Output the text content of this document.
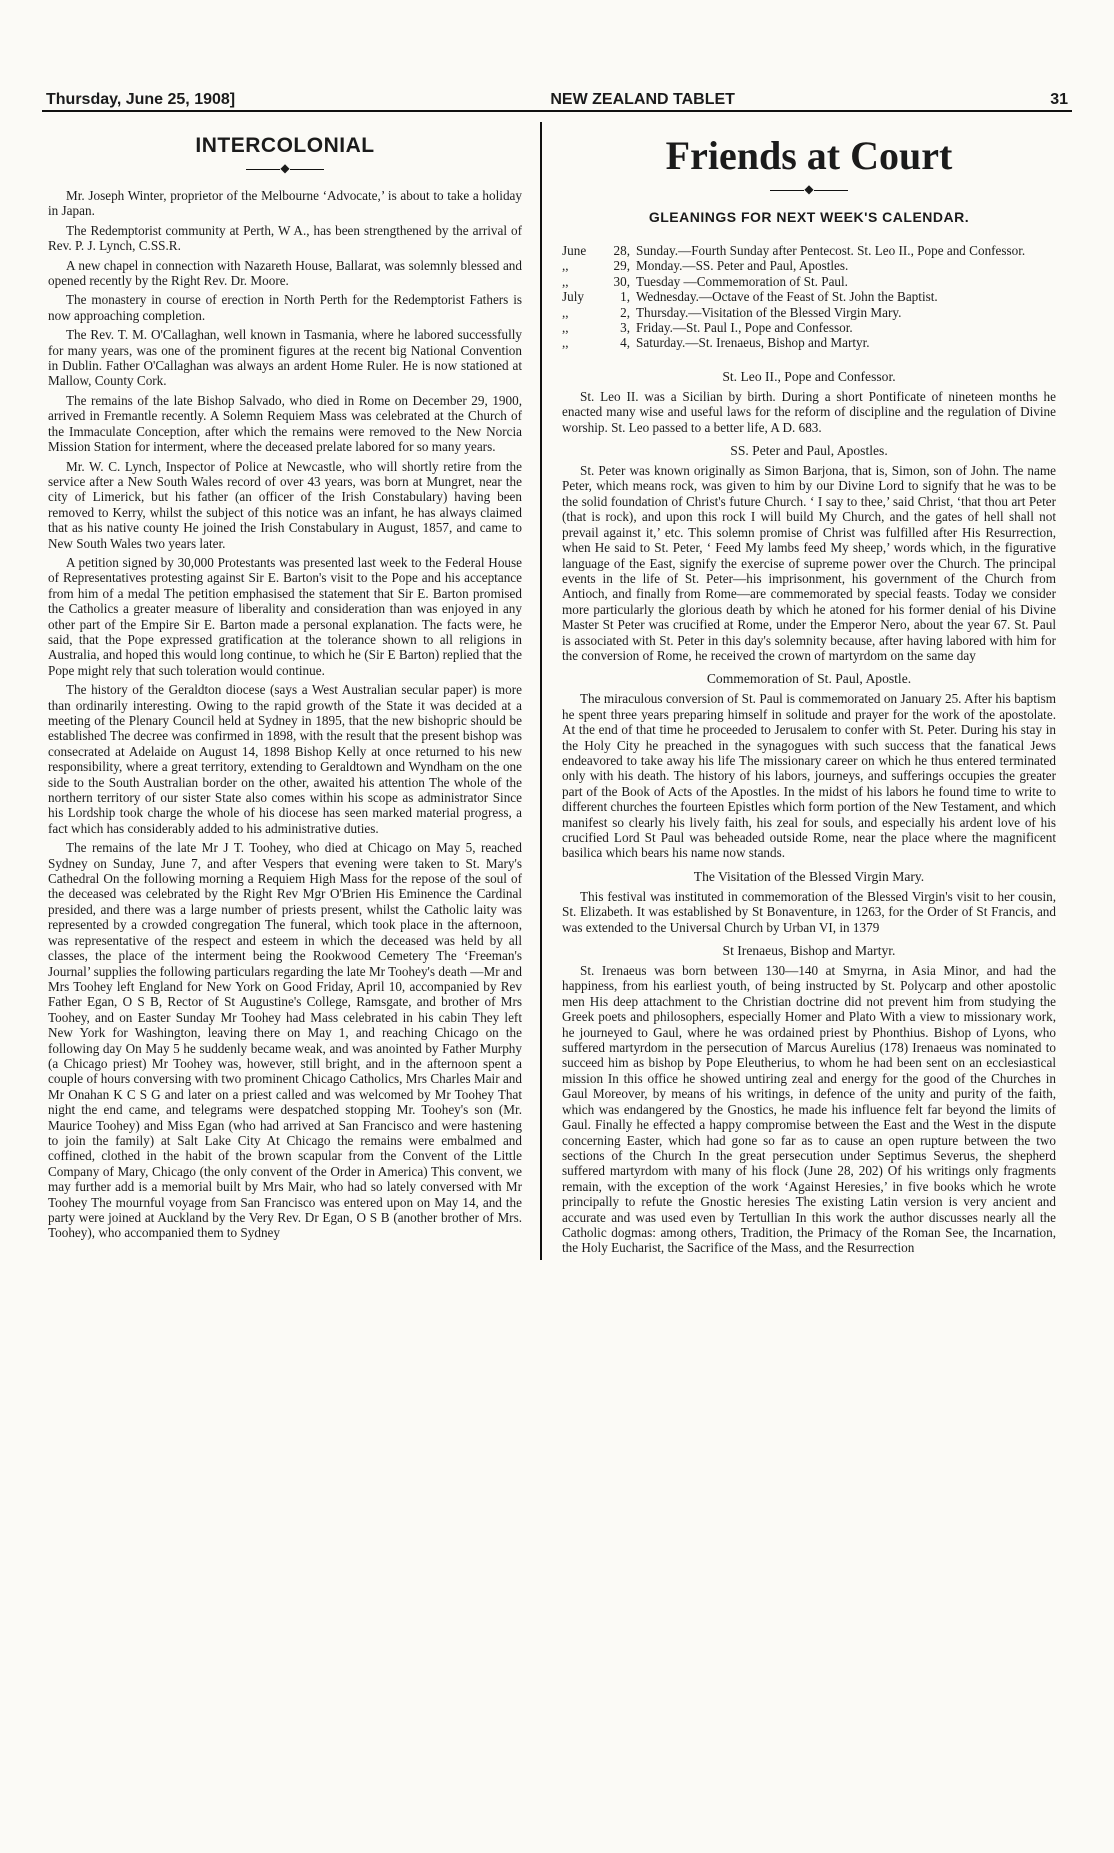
Thursday, June 25, 1908]	NEW ZEALAND TABLET	31
INTERCOLONIAL
◆

Mr. Joseph Winter, proprietor of the Melbourne ‘Advocate,’ is about to take a holiday in Japan.

The Redemptorist community at Perth, W A., has been strengthened by the arrival of Rev. P. J. Lynch, C.SS.R.

A new chapel in connection with Nazareth House, Ballarat, was solemnly blessed and opened recently by the Right Rev. Dr. Moore.

The monastery in course of erection in North Perth for the Redemptorist Fathers is now approaching completion.

The Rev. T. M. O'Callaghan, well known in Tasmania, where he labored successfully for many years, was one of the prominent figures at the recent big National Convention in Dublin. Father O'Callaghan was always an ardent Home Ruler. He is now stationed at Mallow, County Cork.

The remains of the late Bishop Salvado, who died in Rome on December 29, 1900, arrived in Fremantle recently. A Solemn Requiem Mass was celebrated at the Church of the Immaculate Conception, after which the remains were removed to the New Norcia Mission Station for interment, where the deceased prelate labored for so many years.

Mr. W. C. Lynch, Inspector of Police at Newcastle, who will shortly retire from the service after a New South Wales record of over 43 years, was born at Mungret, near the city of Limerick, but his father (an officer of the Irish Constabulary) having been removed to Kerry, whilst the subject of this notice was an infant, he has always claimed that as his native county He joined the Irish Constabulary in August, 1857, and came to New South Wales two years later.

A petition signed by 30,000 Protestants was presented last week to the Federal House of Representatives protesting against Sir E. Barton's visit to the Pope and his acceptance from him of a medal The petition emphasised the statement that Sir E. Barton promised the Catholics a greater measure of liberality and consideration than was enjoyed in any other part of the Empire Sir E. Barton made a personal explanation. The facts were, he said, that the Pope expressed gratification at the tolerance shown to all religions in Australia, and hoped this would long continue, to which he (Sir E Barton) replied that the Pope might rely that such toleration would continue.

The history of the Geraldton diocese (says a West Australian secular paper) is more than ordinarily interesting. Owing to the rapid growth of the State it was decided at a meeting of the Plenary Council held at Sydney in 1895, that the new bishopric should be established The decree was confirmed in 1898, with the result that the present bishop was consecrated at Adelaide on August 14, 1898 Bishop Kelly at once returned to his new responsibility, where a great territory, extending to Geraldtown and Wyndham on the one side to the South Australian border on the other, awaited his attention The whole of the northern territory of our sister State also comes within his scope as administrator Since his Lordship took charge the whole of his diocese has seen marked material progress, a fact which has considerably added to his administrative duties.

The remains of the late Mr J T. Toohey, who died at Chicago on May 5, reached Sydney on Sunday, June 7, and after Vespers that evening were taken to St. Mary's Cathedral On the following morning a Requiem High Mass for the repose of the soul of the deceased was celebrated by the Right Rev Mgr O'Brien His Eminence the Cardinal presided, and there was a large number of priests present, whilst the Catholic laity was represented by a crowded congregation The funeral, which took place in the afternoon, was representative of the respect and esteem in which the deceased was held by all classes, the place of the interment being the Rookwood Cemetery The ‘Freeman's Journal’ supplies the following particulars regarding the late Mr Toohey's death —Mr and Mrs Toohey left England for New York on Good Friday, April 10, accompanied by Rev Father Egan, O S B, Rector of St Augustine's College, Ramsgate, and brother of Mrs Toohey, and on Easter Sunday Mr Toohey had Mass celebrated in his cabin They left New York for Washington, leaving there on May 1, and reaching Chicago on the following day On May 5 he suddenly became weak, and was anointed by Father Murphy (a Chicago priest) Mr Toohey was, however, still bright, and in the afternoon spent a couple of hours conversing with two prominent Chicago Catholics, Mrs Charles Mair and Mr Onahan K C S G and later on a priest called and was welcomed by Mr Toohey That night the end came, and telegrams were despatched stopping Mr. Toohey's son (Mr. Maurice Toohey) and Miss Egan (who had arrived at San Francisco and were hastening to join the family) at Salt Lake City At Chicago the remains were embalmed and coffined, clothed in the habit of the brown scapular from the Convent of the Little Company of Mary, Chicago (the only convent of the Order in America) This convent, we may further add is a memorial built by Mrs Mair, who had so lately conversed with Mr Toohey The mournful voyage from San Francisco was entered upon on May 14, and the party were joined at Auckland by the Very Rev. Dr Egan, O S B (another brother of Mrs. Toohey), who accompanied them to Sydney

Friends at Court
◆
GLEANINGS FOR NEXT WEEK'S CALENDAR.
June	28, Sunday.—Fourth Sunday after Pentecost. St. Leo II., Pope and Confessor.
,,	29, Monday.—SS. Peter and Paul, Apostles.
,,	30, Tuesday —Commemoration of St. Paul.
July	1, Wednesday.—Octave of the Feast of St. John the Baptist.
,,	2, Thursday.—Visitation of the Blessed Virgin Mary.
,,	3, Friday.—St. Paul I., Pope and Confessor.
,,	4, Saturday.—St. Irenaeus, Bishop and Martyr.
St. Leo II., Pope and Confessor.

St. Leo II. was a Sicilian by birth. During a short Pontificate of nineteen months he enacted many wise and useful laws for the reform of discipline and the regulation of Divine worship. St. Leo passed to a better life, A D. 683.

SS. Peter and Paul, Apostles.

St. Peter was known originally as Simon Barjona, that is, Simon, son of John. The name Peter, which means rock, was given to him by our Divine Lord to signify that he was to be the solid foundation of Christ's future Church. ‘ I say to thee,’ said Christ, ‘that thou art Peter (that is rock), and upon this rock I will build My Church, and the gates of hell shall not prevail against it,’ etc. This solemn promise of Christ was fulfilled after His Resurrection, when He said to St. Peter, ‘ Feed My lambs feed My sheep,’ words which, in the figurative language of the East, signify the exercise of supreme power over the Church. The principal events in the life of St. Peter—his imprisonment, his government of the Church from Antioch, and finally from Rome—are commemorated by special feasts. Today we consider more particularly the glorious death by which he atoned for his former denial of his Divine Master St Peter was crucified at Rome, under the Emperor Nero, about the year 67. St. Paul is associated with St. Peter in this day's solemnity because, after having labored with him for the conversion of Rome, he received the crown of martyrdom on the same day

Commemoration of St. Paul, Apostle.

The miraculous conversion of St. Paul is commemorated on January 25. After his baptism he spent three years preparing himself in solitude and prayer for the work of the apostolate. At the end of that time he proceeded to Jerusalem to confer with St. Peter. During his stay in the Holy City he preached in the synagogues with such success that the fanatical Jews endeavored to take away his life The missionary career on which he thus entered terminated only with his death. The history of his labors, journeys, and sufferings occupies the greater part of the Book of Acts of the Apostles. In the midst of his labors he found time to write to different churches the fourteen Epistles which form portion of the New Testament, and which manifest so clearly his lively faith, his zeal for souls, and especially his ardent love of his crucified Lord St Paul was beheaded outside Rome, near the place where the magnificent basilica which bears his name now stands.

The Visitation of the Blessed Virgin Mary.

This festival was instituted in commemoration of the Blessed Virgin's visit to her cousin, St. Elizabeth. It was established by St Bonaventure, in 1263, for the Order of St Francis, and was extended to the Universal Church by Urban VI, in 1379

St Irenaeus, Bishop and Martyr.

St. Irenaeus was born between 130—140 at Smyrna, in Asia Minor, and had the happiness, from his earliest youth, of being instructed by St. Polycarp and other apostolic men His deep attachment to the Christian doctrine did not prevent him from studying the Greek poets and philosophers, especially Homer and Plato With a view to missionary work, he journeyed to Gaul, where he was ordained priest by Phonthius. Bishop of Lyons, who suffered martyrdom in the persecution of Marcus Aurelius (178) Irenaeus was nominated to succeed him as bishop by Pope Eleutherius, to whom he had been sent on an ecclesiastical mission In this office he showed untiring zeal and energy for the good of the Churches in Gaul Moreover, by means of his writings, in defence of the unity and purity of the faith, which was endangered by the Gnostics, he made his influence felt far beyond the limits of Gaul. Finally he effected a happy compromise between the East and the West in the dispute concerning Easter, which had gone so far as to cause an open rupture between the two sections of the Church In the great persecution under Septimus Severus, the shepherd suffered martyrdom with many of his flock (June 28, 202) Of his writings only fragments remain, with the exception of the work ‘Against Heresies,’ in five books which he wrote principally to refute the Gnostic heresies The existing Latin version is very ancient and accurate and was used even by Tertullian In this work the author discusses nearly all the Catholic dogmas: among others, Tradition, the Primacy of the Roman See, the Incarnation, the Holy Eucharist, the Sacrifice of the Mass, and the Resurrection
